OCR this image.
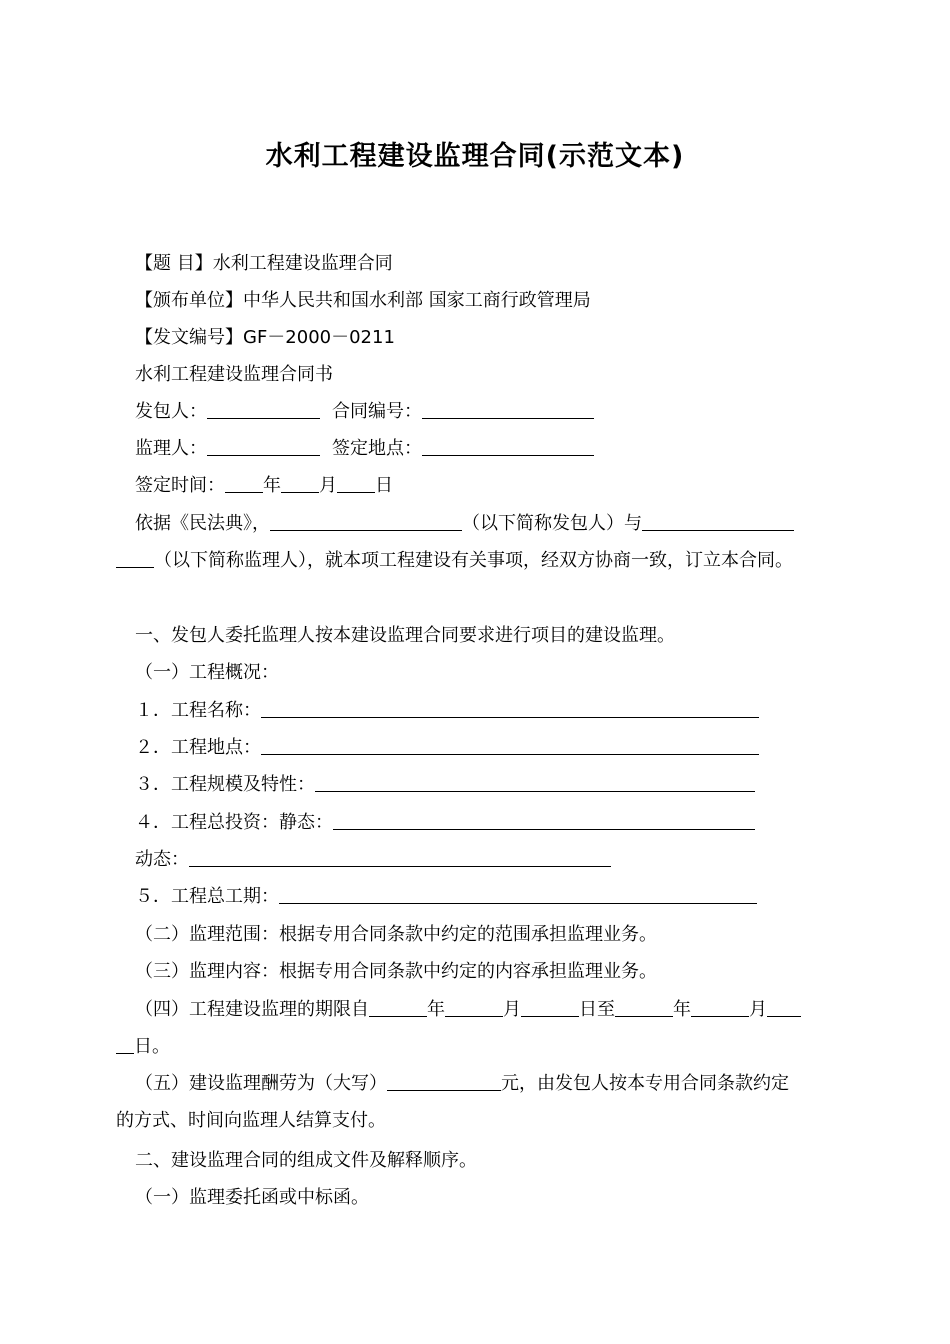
水利工程建设监理合同(示范文本)
【题 目】水利工程建设监理合同
【颁布单位】中华人民共和国水利部 国家工商行政管理局
【发文编号】GF－2000－0211
水利工程建设监理合同书
发包人：	合同编号：
监理人：	签定地点：
签定时间： 年 月 日
依据《民法典》，	（以下简称发包人）与
（以下简称监理人），就本项工程建设有关事项，经双方协商一致，订立本合同。
一、发包人委托监理人按本建设监理合同要求进行项目的建设监理。
（一）工程概况：
１．工程名称：
２．工程地点：
３．工程规模及特性：
４．工程总投资：静态：
动态：
５．工程总工期：
（二）监理范围：根据专用合同条款中约定的范围承担监理业务。
（三）监理内容：根据专用合同条款中约定的内容承担监理业务。
（四）工程建设监理的期限自	年	月	日至	年	月
日。
（五）建设监理酬劳为（大写）	元，由发包人按本专用合同条款约定
的方式、时间向监理人结算支付。
二、建设监理合同的组成文件及解释顺序。
（一）监理委托函或中标函。
